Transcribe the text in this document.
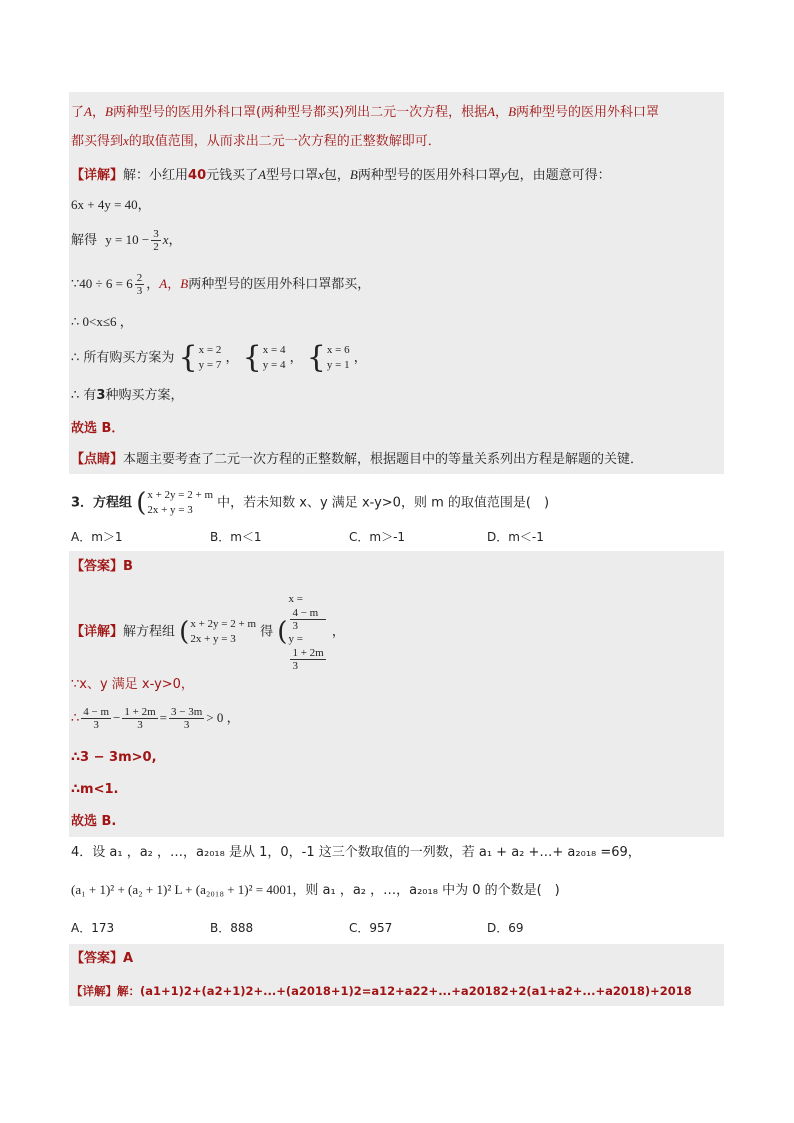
了A，B两种型号的医用外科口罩(两种型号都买)列出二元一次方程，根据A，B两种型号的医用外科口罩
都买得到x的取值范围，从而求出二元一次方程的正整数解即可．
【详解】解：小红用40元钱买了A型号口罩x包，B两种型号的医用外科口罩y包，由题意可得：
6x + 4y = 40，
解得 $y = 10 - \frac{3}{2}$ x，
∵40 ÷ $6 = 6 \frac{2}{3}$ ，A，B两种型号的医用外科口罩都买，
∴ 0<x≤6 ，
∴ 所有购买方案为 { x = 2
y = 7 ， { x = 4
y = 4 ， { x = 6
y = 1 ，
∴ 有3种购买方案，
故选 B．
【点睛】本题主要考查了二元一次方程的正整数解，根据题目中的等量关系列出方程是解题的关键．
3．方程组 ( x + 2y = 2 + m
2x + y = 3	中，若未知数 x、y 满足 x-y>0，则 m 的取值范围是(　)
A．m＞1	B．m＜1	C．m＞-1	D．m＜-1
【答案】B
【详解】解方程组 ( x + 2y = 2 + m
2x + y = 3	得 (
x =
4 − m
3
y =
1 + 2m
3
，
∵x、y 满足 x-y>0，
∴ $\frac{4 - m}{3} - \frac{1 + 2m}{3} = \frac{3 - 3m}{3} > 0$ ，
∴3 − 3m>0,
∴m<1.
故选 B.
4．设 a₁ ，a₂ ，…，a₂₀₁₈ 是从 1，0，-1 这三个数取值的一列数，若 a₁ + a₂ +…+ a₂₀₁₈ =69，
(a₁ + 1)² + (a₂ + 1)² L + (a₂₀₁₈ + 1)² = 4001，则 a₁ ，a₂ ，…，a₂₀₁₈ 中为 0 的个数是(　)
A．173	B．888	C．957	D．69
【答案】A
【详解】解：(a1+1)2+(a2+1)2+...+(a2018+1)2=a12+a22+...+a20182+2(a1+a2+...+a2018)+2018
